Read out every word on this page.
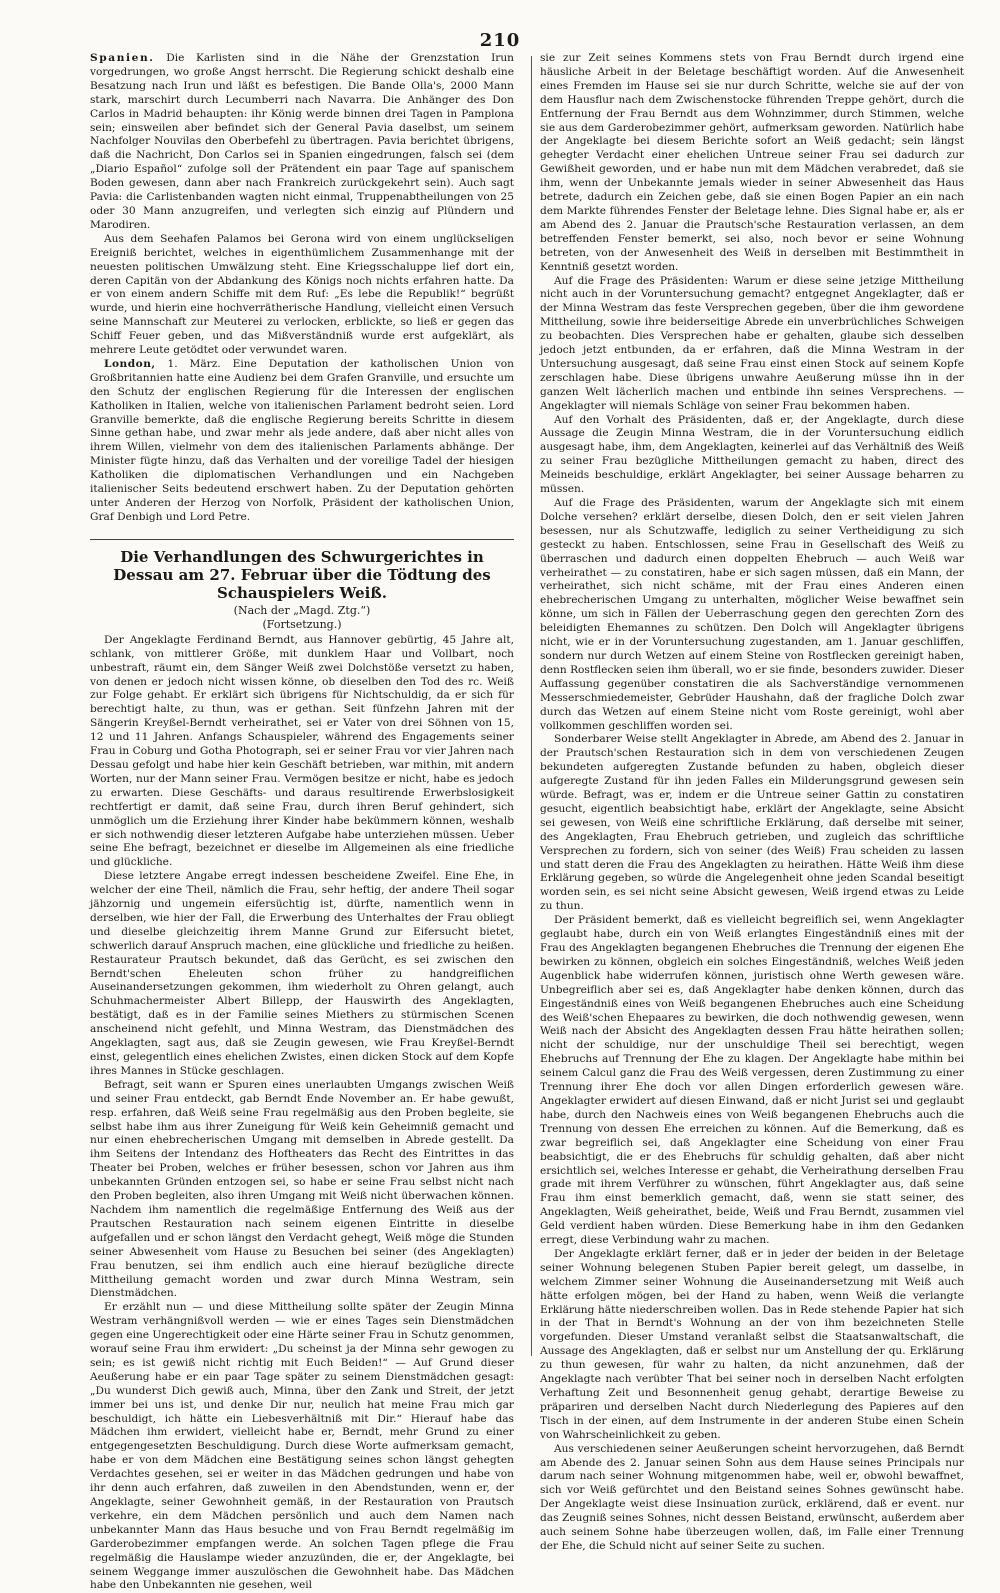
210

Spanien. Die Karlisten sind in die Nähe der Grenzstation Irun vorgedrungen, wo große Angst herrscht. Die Regierung schickt deshalb eine Besatzung nach Irun und läßt es befestigen. Die Bande Olla's, 2000 Mann stark, marschirt durch Lecumberri nach Navarra. Die Anhänger des Don Carlos in Madrid behaupten: ihr König werde binnen drei Tagen in Pamplona sein; einsweilen aber befindet sich der General Pavia daselbst, um seinem Nachfolger Nouvilas den Oberbefehl zu übertragen. Pavia berichtet übrigens, daß die Nachricht, Don Carlos sei in Spanien eingedrungen, falsch sei (dem „Diario Español“ zufolge soll der Prätendent ein paar Tage auf spanischem Boden gewesen, dann aber nach Frankreich zurückgekehrt sein). Auch sagt Pavia: die Carlistenbanden wagten nicht einmal, Truppenabtheilungen von 25 oder 30 Mann anzugreifen, und verlegten sich einzig auf Plündern und Marodiren.

Aus dem Seehafen Palamos bei Gerona wird von einem unglückseligen Ereigniß berichtet, welches in eigenthümlichem Zusammenhange mit der neuesten politischen Umwälzung steht. Eine Kriegsschaluppe lief dort ein, deren Capitän von der Abdankung des Königs noch nichts erfahren hatte. Da er von einem andern Schiffe mit dem Ruf: „Es lebe die Republik!“ begrüßt wurde, und hierin eine hochverrätherische Handlung, vielleicht einen Versuch seine Mannschaft zur Meuterei zu verlocken, erblickte, so ließ er gegen das Schiff Feuer geben, und das Mißverständniß wurde erst aufgeklärt, als mehrere Leute getödtet oder verwundet waren.

London, 1. März. Eine Deputation der katholischen Union von Großbritannien hatte eine Audienz bei dem Grafen Granville, und ersuchte um den Schutz der englischen Regierung für die Interessen der englischen Katholiken in Italien, welche von italienischen Parlament bedroht seien. Lord Granville bemerkte, daß die englische Regierung bereits Schritte in diesem Sinne gethan habe, und zwar mehr als jede andere, daß aber nicht alles von ihrem Willen, vielmehr von dem des italienischen Parlaments abhänge. Der Minister fügte hinzu, daß das Verhalten und der voreilige Tadel der hiesigen Katholiken die diplomatischen Verhandlungen und ein Nachgeben italienischer Seits bedeutend erschwert haben. Zu der Deputation gehörten unter Anderen der Herzog von Norfolk, Präsident der katholischen Union, Graf Denbigh und Lord Petre.

Die Verhandlungen des Schwurgerichtes in Dessau am 27. Februar über die Tödtung des Schauspielers Weiß.
(Nach der „Magd. Ztg.“)
(Fortsetzung.)

Der Angeklagte Ferdinand Berndt, aus Hannover gebürtig, 45 Jahre alt, schlank, von mittlerer Größe, mit dunklem Haar und Vollbart, noch unbestraft, räumt ein, dem Sänger Weiß zwei Dolchstöße versetzt zu haben, von denen er jedoch nicht wissen könne, ob dieselben den Tod des rc. Weiß zur Folge gehabt. Er erklärt sich übrigens für Nichtschuldig, da er sich für berechtigt halte, zu thun, was er gethan. Seit fünfzehn Jahren mit der Sängerin Kreyßel-Berndt verheirathet, sei er Vater von drei Söhnen von 15, 12 und 11 Jahren. Anfangs Schauspieler, während des Engagements seiner Frau in Coburg und Gotha Photograph, sei er seiner Frau vor vier Jahren nach Dessau gefolgt und habe hier kein Geschäft betrieben, war mithin, mit andern Worten, nur der Mann seiner Frau. Vermögen besitze er nicht, habe es jedoch zu erwarten. Diese Geschäfts- und daraus resultirende Erwerbslosigkeit rechtfertigt er damit, daß seine Frau, durch ihren Beruf gehindert, sich unmöglich um die Erziehung ihrer Kinder habe bekümmern können, weshalb er sich nothwendig dieser letzteren Aufgabe habe unterziehen müssen. Ueber seine Ehe befragt, bezeichnet er dieselbe im Allgemeinen als eine friedliche und glückliche.

Diese letztere Angabe erregt indessen bescheidene Zweifel. Eine Ehe, in welcher der eine Theil, nämlich die Frau, sehr heftig, der andere Theil sogar jähzornig und ungemein eifersüchtig ist, dürfte, namentlich wenn in derselben, wie hier der Fall, die Erwerbung des Unterhaltes der Frau obliegt und dieselbe gleichzeitig ihrem Manne Grund zur Eifersucht bietet, schwerlich darauf Anspruch machen, eine glückliche und friedliche zu heißen. Restaurateur Prautsch bekundet, daß das Gerücht, es sei zwischen den Berndt'schen Eheleuten schon früher zu handgreiflichen Auseinandersetzungen gekommen, ihm wiederholt zu Ohren gelangt, auch Schuhmachermeister Albert Billepp, der Hauswirth des Angeklagten, bestätigt, daß es in der Familie seines Miethers zu stürmischen Scenen anscheinend nicht gefehlt, und Minna Westram, das Dienstmädchen des Angeklagten, sagt aus, daß sie Zeugin gewesen, wie Frau Kreyßel-Berndt einst, gelegentlich eines ehelichen Zwistes, einen dicken Stock auf dem Kopfe ihres Mannes in Stücke geschlagen.

Befragt, seit wann er Spuren eines unerlaubten Umgangs zwischen Weiß und seiner Frau entdeckt, gab Berndt Ende November an. Er habe gewußt, resp. erfahren, daß Weiß seine Frau regelmäßig aus den Proben begleite, sie selbst habe ihm aus ihrer Zuneigung für Weiß kein Geheimniß gemacht und nur einen ehebrecherischen Umgang mit demselben in Abrede gestellt. Da ihm Seitens der Intendanz des Hoftheaters das Recht des Eintrittes in das Theater bei Proben, welches er früher besessen, schon vor Jahren aus ihm unbekannten Gründen entzogen sei, so habe er seine Frau selbst nicht nach den Proben begleiten, also ihren Umgang mit Weiß nicht überwachen können. Nachdem ihm namentlich die regelmäßige Entfernung des Weiß aus der Prautschen Restauration nach seinem eigenen Eintritte in dieselbe aufgefallen und er schon längst den Verdacht gehegt, Weiß möge die Stunden seiner Abwesenheit vom Hause zu Besuchen bei seiner (des Angeklagten) Frau benutzen, sei ihm endlich auch eine hierauf bezügliche directe Mittheilung gemacht worden und zwar durch Minna Westram, sein Dienstmädchen.

Er erzählt nun — und diese Mittheilung sollte später der Zeugin Minna Westram verhängnißvoll werden — wie er eines Tages sein Dienstmädchen gegen eine Ungerechtigkeit oder eine Härte seiner Frau in Schutz genommen, worauf seine Frau ihm erwidert: „Du scheinst ja der Minna sehr gewogen zu sein; es ist gewiß nicht richtig mit Euch Beiden!“ — Auf Grund dieser Aeußerung habe er ein paar Tage später zu seinem Dienstmädchen gesagt: „Du wunderst Dich gewiß auch, Minna, über den Zank und Streit, der jetzt immer bei uns ist, und denke Dir nur, neulich hat meine Frau mich gar beschuldigt, ich hätte ein Liebesverhältniß mit Dir.“ Hierauf habe das Mädchen ihm erwidert, vielleicht habe er, Berndt, mehr Grund zu einer entgegengesetzten Beschuldigung. Durch diese Worte aufmerksam gemacht, habe er von dem Mädchen eine Bestätigung seines schon längst gehegten Verdachtes gesehen, sei er weiter in das Mädchen gedrungen und habe von ihr denn auch erfahren, daß zuweilen in den Abendstunden, wenn er, der Angeklagte, seiner Gewohnheit gemäß, in der Restauration von Prautsch verkehre, ein dem Mädchen persönlich und auch dem Namen nach unbekannter Mann das Haus besuche und von Frau Berndt regelmäßig im Garderobezimmer empfangen werde. An solchen Tagen pflege die Frau regelmäßig die Hauslampe wieder anzuzünden, die er, der Angeklagte, bei seinem Weggange immer auszulöschen die Gewohnheit habe. Das Mädchen habe den Unbekannten nie gesehen, weil

sie zur Zeit seines Kommens stets von Frau Berndt durch irgend eine häusliche Arbeit in der Beletage beschäftigt worden. Auf die Anwesenheit eines Fremden im Hause sei sie nur durch Schritte, welche sie auf der von dem Hausflur nach dem Zwischenstocke führenden Treppe gehört, durch die Entfernung der Frau Berndt aus dem Wohnzimmer, durch Stimmen, welche sie aus dem Garderobezimmer gehört, aufmerksam geworden. Natürlich habe der Angeklagte bei diesem Berichte sofort an Weiß gedacht; sein längst gehegter Verdacht einer ehelichen Untreue seiner Frau sei dadurch zur Gewißheit geworden, und er habe nun mit dem Mädchen verabredet, daß sie ihm, wenn der Unbekannte jemals wieder in seiner Abwesenheit das Haus betrete, dadurch ein Zeichen gebe, daß sie einen Bogen Papier an ein nach dem Markte führendes Fenster der Beletage lehne. Dies Signal habe er, als er am Abend des 2. Januar die Prautsch'sche Restauration verlassen, an dem betreffenden Fenster bemerkt, sei also, noch bevor er seine Wohnung betreten, von der Anwesenheit des Weiß in derselben mit Bestimmtheit in Kenntniß gesetzt worden.

Auf die Frage des Präsidenten: Warum er diese seine jetzige Mittheilung nicht auch in der Voruntersuchung gemacht? entgegnet Angeklagter, daß er der Minna Westram das feste Versprechen gegeben, über die ihm gewordene Mittheilung, sowie ihre beiderseitige Abrede ein unverbrüchliches Schweigen zu beobachten. Dies Versprechen habe er gehalten, glaube sich desselben jedoch jetzt entbunden, da er erfahren, daß die Minna Westram in der Untersuchung ausgesagt, daß seine Frau einst einen Stock auf seinem Kopfe zerschlagen habe. Diese übrigens unwahre Aeußerung müsse ihn in der ganzen Welt lächerlich machen und entbinde ihn seines Versprechens. — Angeklagter will niemals Schläge von seiner Frau bekommen haben.

Auf den Vorhalt des Präsidenten, daß er, der Angeklagte, durch diese Aussage die Zeugin Minna Westram, die in der Voruntersuchung eidlich ausgesagt habe, ihm, dem Angeklagten, keinerlei auf das Verhältniß des Weiß zu seiner Frau bezügliche Mittheilungen gemacht zu haben, direct des Meineids beschuldige, erklärt Angeklagter, bei seiner Aussage beharren zu müssen.

Auf die Frage des Präsidenten, warum der Angeklagte sich mit einem Dolche versehen? erklärt derselbe, diesen Dolch, den er seit vielen Jahren besessen, nur als Schutzwaffe, lediglich zu seiner Vertheidigung zu sich gesteckt zu haben. Entschlossen, seine Frau in Gesellschaft des Weiß zu überraschen und dadurch einen doppelten Ehebruch — auch Weiß war verheirathet — zu constatiren, habe er sich sagen müssen, daß ein Mann, der verheirathet, sich nicht schäme, mit der Frau eines Anderen einen ehebrecherischen Umgang zu unterhalten, möglicher Weise bewaffnet sein könne, um sich in Fällen der Ueberraschung gegen den gerechten Zorn des beleidigten Ehemannes zu schützen. Den Dolch will Angeklagter übrigens nicht, wie er in der Voruntersuchung zugestanden, am 1. Januar geschliffen, sondern nur durch Wetzen auf einem Steine von Rostflecken gereinigt haben, denn Rostflecken seien ihm überall, wo er sie finde, besonders zuwider. Dieser Auffassung gegenüber constatiren die als Sachverständige vernommenen Messerschmiedemeister, Gebrüder Haushahn, daß der fragliche Dolch zwar durch das Wetzen auf einem Steine nicht vom Roste gereinigt, wohl aber vollkommen geschliffen worden sei.

Sonderbarer Weise stellt Angeklagter in Abrede, am Abend des 2. Januar in der Prautsch'schen Restauration sich in dem von verschiedenen Zeugen bekundeten aufgeregten Zustande befunden zu haben, obgleich dieser aufgeregte Zustand für ihn jeden Falles ein Milderungsgrund gewesen sein würde. Befragt, was er, indem er die Untreue seiner Gattin zu constatiren gesucht, eigentlich beabsichtigt habe, erklärt der Angeklagte, seine Absicht sei gewesen, von Weiß eine schriftliche Erklärung, daß derselbe mit seiner, des Angeklagten, Frau Ehebruch getrieben, und zugleich das schriftliche Versprechen zu fordern, sich von seiner (des Weiß) Frau scheiden zu lassen und statt deren die Frau des Angeklagten zu heirathen. Hätte Weiß ihm diese Erklärung gegeben, so würde die Angelegenheit ohne jeden Scandal beseitigt worden sein, es sei nicht seine Absicht gewesen, Weiß irgend etwas zu Leide zu thun.

Der Präsident bemerkt, daß es vielleicht begreiflich sei, wenn Angeklagter geglaubt habe, durch ein von Weiß erlangtes Eingeständniß eines mit der Frau des Angeklagten begangenen Ehebruches die Trennung der eigenen Ehe bewirken zu können, obgleich ein solches Eingeständniß, welches Weiß jeden Augenblick habe widerrufen können, juristisch ohne Werth gewesen wäre. Unbegreiflich aber sei es, daß Angeklagter habe denken können, durch das Eingeständniß eines von Weiß begangenen Ehebruches auch eine Scheidung des Weiß'schen Ehepaares zu bewirken, die doch nothwendig gewesen, wenn Weiß nach der Absicht des Angeklagten dessen Frau hätte heirathen sollen; nicht der schuldige, nur der unschuldige Theil sei berechtigt, wegen Ehebruchs auf Trennung der Ehe zu klagen. Der Angeklagte habe mithin bei seinem Calcul ganz die Frau des Weiß vergessen, deren Zustimmung zu einer Trennung ihrer Ehe doch vor allen Dingen erforderlich gewesen wäre. Angeklagter erwidert auf diesen Einwand, daß er nicht Jurist sei und geglaubt habe, durch den Nachweis eines von Weiß begangenen Ehebruchs auch die Trennung von dessen Ehe erreichen zu können. Auf die Bemerkung, daß es zwar begreiflich sei, daß Angeklagter eine Scheidung von einer Frau beabsichtigt, die er des Ehebruchs für schuldig gehalten, daß aber nicht ersichtlich sei, welches Interesse er gehabt, die Verheirathung derselben Frau grade mit ihrem Verführer zu wünschen, führt Angeklagter aus, daß seine Frau ihm einst bemerklich gemacht, daß, wenn sie statt seiner, des Angeklagten, Weiß geheirathet, beide, Weiß und Frau Berndt, zusammen viel Geld verdient haben würden. Diese Bemerkung habe in ihm den Gedanken erregt, diese Verbindung wahr zu machen.

Der Angeklagte erklärt ferner, daß er in jeder der beiden in der Beletage seiner Wohnung belegenen Stuben Papier bereit gelegt, um dasselbe, in welchem Zimmer seiner Wohnung die Auseinandersetzung mit Weiß auch hätte erfolgen mögen, bei der Hand zu haben, wenn Weiß die verlangte Erklärung hätte niederschreiben wollen. Das in Rede stehende Papier hat sich in der That in Berndt's Wohnung an der von ihm bezeichneten Stelle vorgefunden. Dieser Umstand veranlaßt selbst die Staatsanwaltschaft, die Aussage des Angeklagten, daß er selbst nur um Anstellung der qu. Erklärung zu thun gewesen, für wahr zu halten, da nicht anzunehmen, daß der Angeklagte nach verübter That bei seiner noch in derselben Nacht erfolgten Verhaftung Zeit und Besonnenheit genug gehabt, derartige Beweise zu präpariren und derselben Nacht durch Niederlegung des Papieres auf den Tisch in der einen, auf dem Instrumente in der anderen Stube einen Schein von Wahrscheinlichkeit zu geben.

Aus verschiedenen seiner Aeußerungen scheint hervorzugehen, daß Berndt am Abende des 2. Januar seinen Sohn aus dem Hause seines Principals nur darum nach seiner Wohnung mitgenommen habe, weil er, obwohl bewaffnet, sich vor Weiß gefürchtet und den Beistand seines Sohnes gewünscht habe. Der Angeklagte weist diese Insinuation zurück, erklärend, daß er event. nur das Zeugniß seines Sohnes, nicht dessen Beistand, erwünscht, außerdem aber auch seinem Sohne habe überzeugen wollen, daß, im Falle einer Trennung der Ehe, die Schuld nicht auf seiner Seite zu suchen.
